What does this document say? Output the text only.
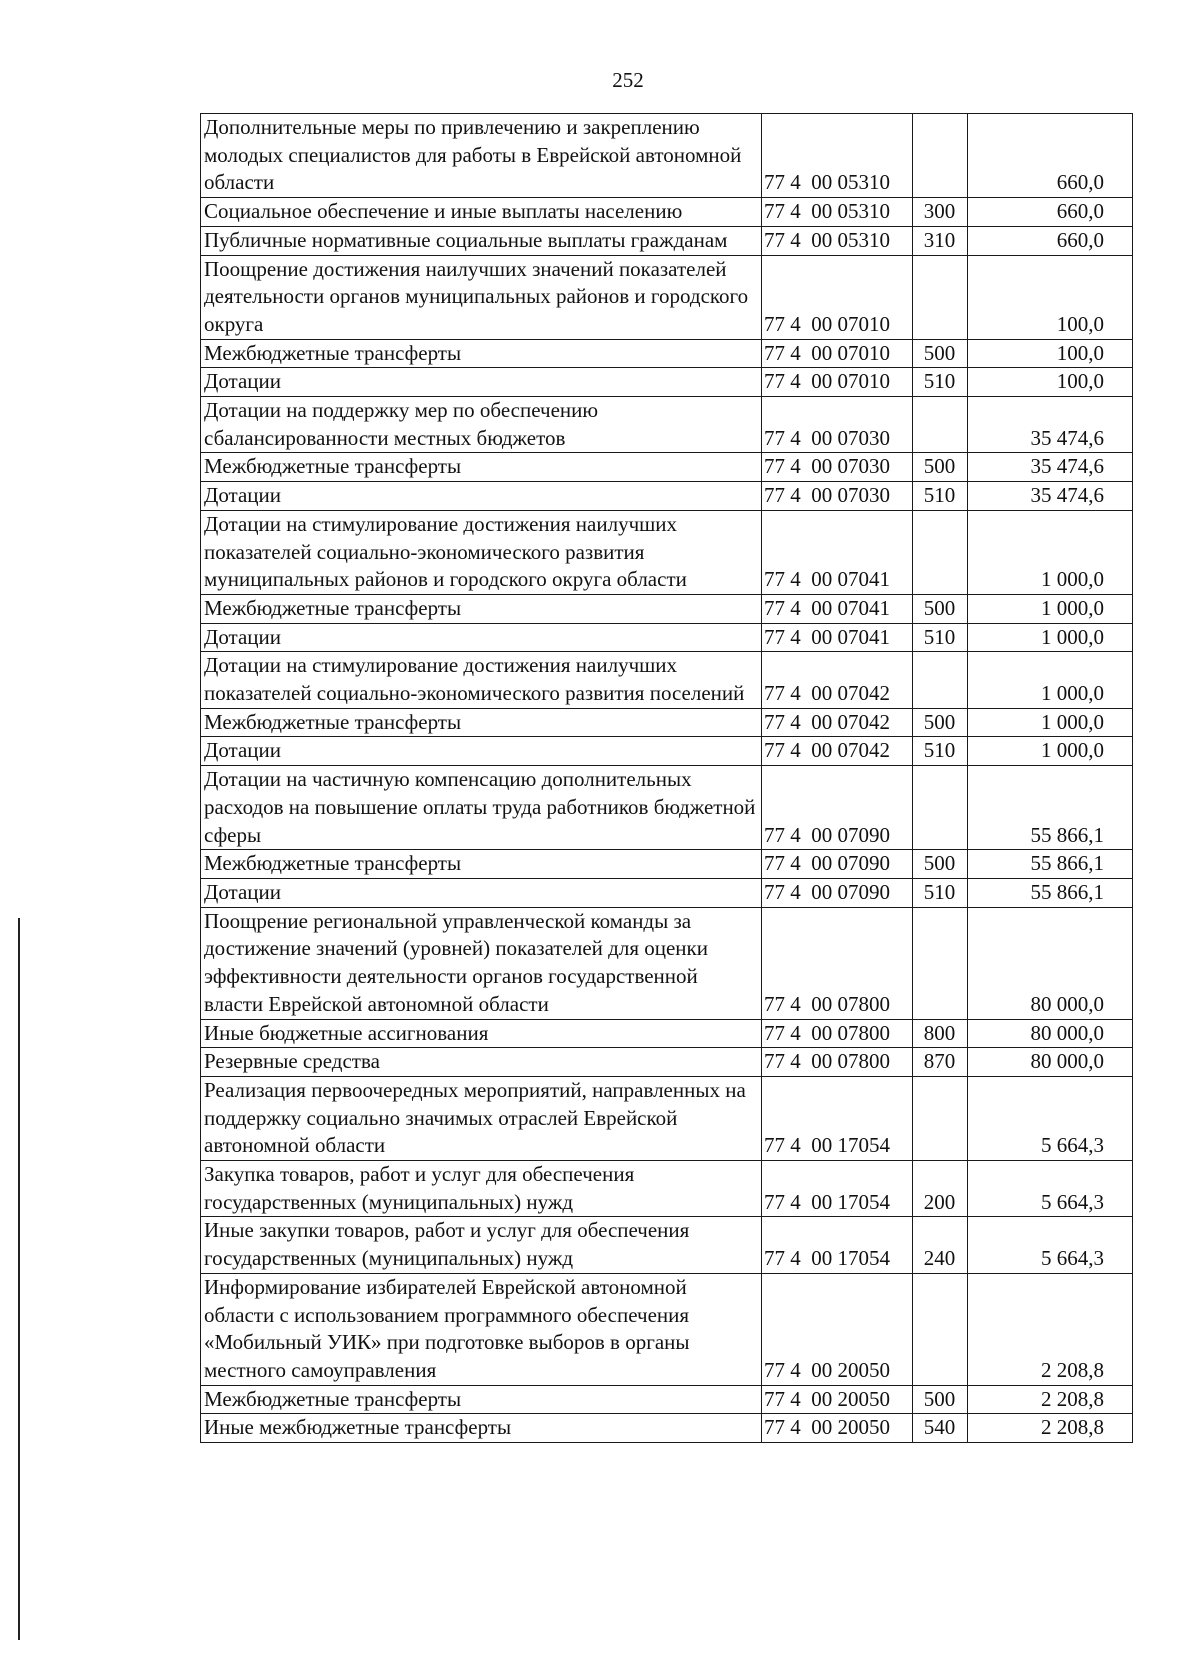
252
Дополнительные меры по привлечению и закреплению молодых специалистов для работы в Еврейской автономной области	77 4  00 05310		660,0
Социальное обеспечение и иные выплаты населению	77 4  00 05310	300	660,0
Публичные нормативные социальные выплаты гражданам	77 4  00 05310	310	660,0
Поощрение достижения наилучших значений показателей деятельности органов муниципальных районов и городского округа	77 4  00 07010		100,0
Межбюджетные трансферты	77 4  00 07010	500	100,0
Дотации	77 4  00 07010	510	100,0
Дотации на поддержку мер по обеспечению сбалансированности местных бюджетов	77 4  00 07030		35 474,6
Межбюджетные трансферты	77 4  00 07030	500	35 474,6
Дотации	77 4  00 07030	510	35 474,6
Дотации на стимулирование достижения наилучших показателей социально-экономического развития муниципальных районов и городского округа области	77 4  00 07041		1 000,0
Межбюджетные трансферты	77 4  00 07041	500	1 000,0
Дотации	77 4  00 07041	510	1 000,0
Дотации на стимулирование достижения наилучших показателей социально-экономического развития поселений	77 4  00 07042		1 000,0
Межбюджетные трансферты	77 4  00 07042	500	1 000,0
Дотации	77 4  00 07042	510	1 000,0
Дотации на частичную компенсацию дополнительных расходов на повышение оплаты труда работников бюджетной сферы	77 4  00 07090		55 866,1
Межбюджетные трансферты	77 4  00 07090	500	55 866,1
Дотации	77 4  00 07090	510	55 866,1
Поощрение региональной управленческой команды за достижение значений (уровней) показателей для оценки эффективности деятельности органов государственной власти Еврейской автономной области	77 4  00 07800		80 000,0
Иные бюджетные ассигнования	77 4  00 07800	800	80 000,0
Резервные средства	77 4  00 07800	870	80 000,0
Реализация первоочередных мероприятий, направленных на поддержку социально значимых отраслей Еврейской автономной области	77 4  00 17054		5 664,3
Закупка товаров, работ и услуг для обеспечения государственных (муниципальных) нужд	77 4  00 17054	200	5 664,3
Иные закупки товаров, работ и услуг для обеспечения государственных (муниципальных) нужд	77 4  00 17054	240	5 664,3
Информирование избирателей Еврейской автономной области с использованием программного обеспечения «Мобильный УИК» при подготовке выборов в органы местного самоуправления	77 4  00 20050		2 208,8
Межбюджетные трансферты	77 4  00 20050	500	2 208,8
Иные межбюджетные трансферты	77 4  00 20050	540	2 208,8
